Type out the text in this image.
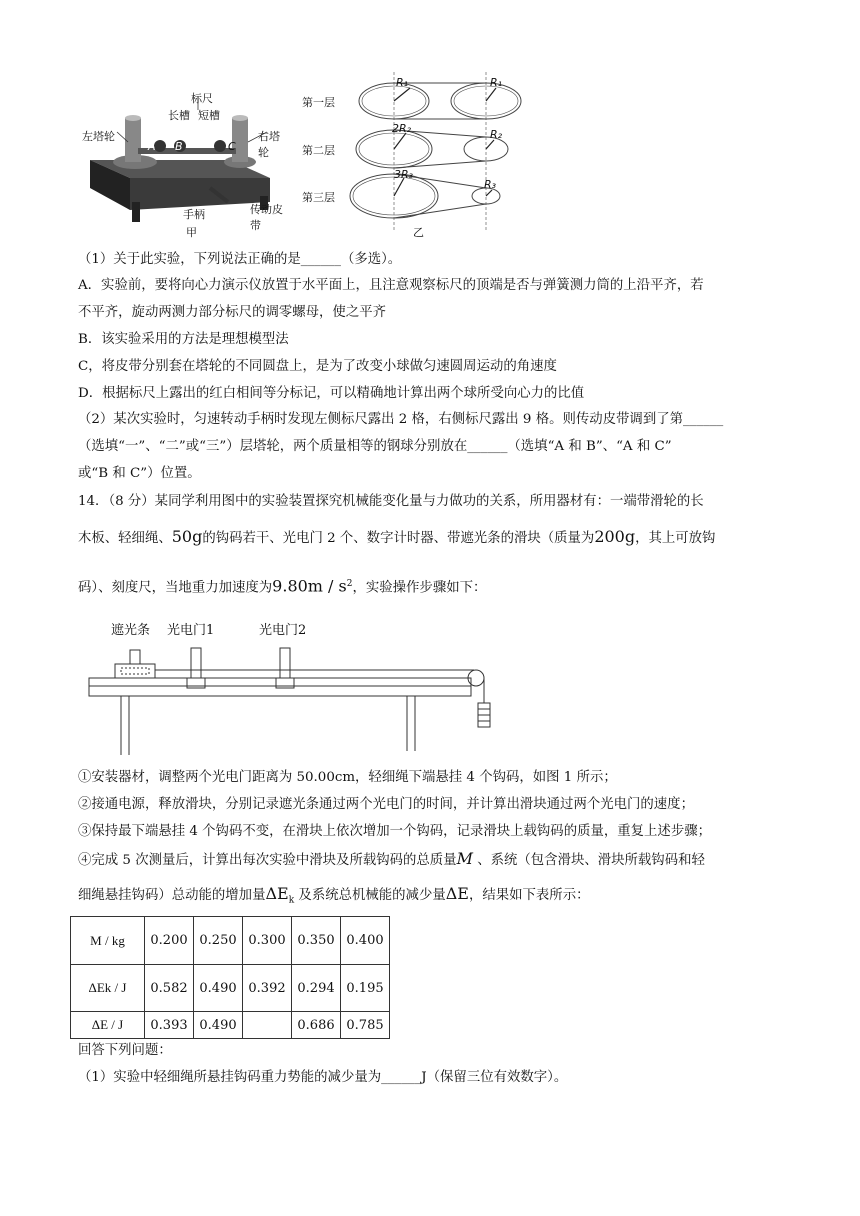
标尺
长槽 短槽
左塔轮	右塔轮
A B	C
手柄	传动皮带
甲
第一层
第二层
第三层
R₁
2R₂
3R₃
R₁
R₂
R₃
乙
（1）关于此实验，下列说法正确的是______（多选）。
A．实验前，要将向心力演示仪放置于水平面上，且注意观察标尺的顶端是否与弹簧测力筒的上沿平齐，若
不平齐，旋动两测力部分标尺的调零螺母，使之平齐
B．该实验采用的方法是理想模型法
C，将皮带分别套在塔轮的不同圆盘上，是为了改变小球做匀速圆周运动的角速度
D．根据标尺上露出的红白相间等分标记，可以精确地计算出两个球所受向心力的比值
（2）某次实验时，匀速转动手柄时发现左侧标尺露出 2 格，右侧标尺露出 9 格。则传动皮带调到了第______
（选填“一”、“二”或“三”）层塔轮，两个质量相等的钢球分别放在______（选填“A 和 B”、“A 和 C”
或“B 和 C”）位置。
14．（8 分）某同学利用图中的实验装置探究机械能变化量与力做功的关系，所用器材有：一端带滑轮的长
木板、轻细绳、50g的钩码若干、光电门 2 个、数字计时器、带遮光条的滑块（质量为200g，其上可放钩
码）、刻度尺，当地重力加速度为$9.80m / s^2$，实验操作步骤如下：
遮光条 光电门1	光电门2
①安装器材，调整两个光电门距离为 50.00cm，轻细绳下端悬挂 4 个钩码，如图 1 所示；
②接通电源，释放滑块，分别记录遮光条通过两个光电门的时间，并计算出滑块通过两个光电门的速度；
③保持最下端悬挂 4 个钩码不变，在滑块上依次增加一个钩码，记录滑块上载钩码的质量，重复上述步骤；
④完成 5 次测量后，计算出每次实验中滑块及所载钩码的总质量M 、系统（包含滑块、滑块所载钩码和轻
细绳悬挂钩码）总动能的增加量$\Delta E_k$ 及系统总机械能的减少量ΔE，结果如下表所示：
M / kg	0.200	0.250	0.300	0.350	0.400
ΔEk / J	0.582	0.490	0.392	0.294	0.195
ΔE / J	0.393	0.490		0.686	0.785
回答下列问题：
（1）实验中轻细绳所悬挂钩码重力势能的减少量为______J（保留三位有效数字）。
